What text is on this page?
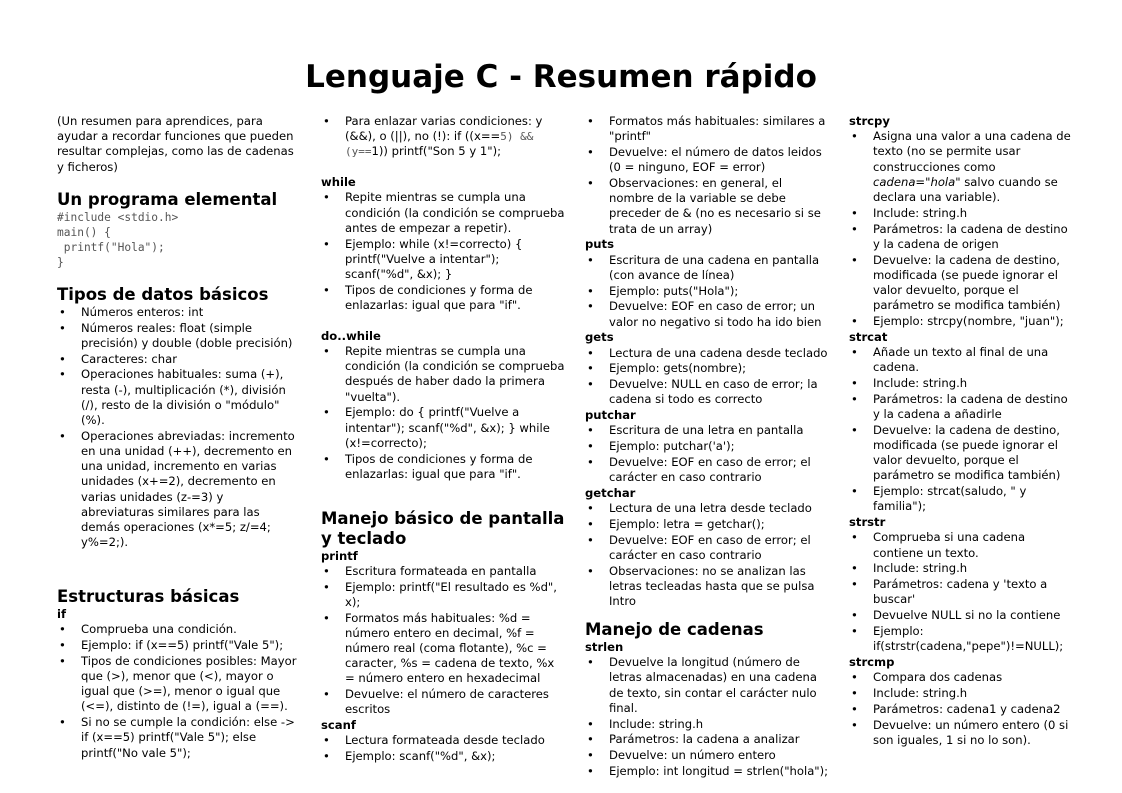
Lenguaje C - Resumen rápido

(Un resumen para aprendices, para ayudar a recordar funciones que pueden resultar complejas, como las de cadenas y ficheros)

Un programa elemental
#include <stdio.h>
main() {
printf("Hola");
}
Tipos de datos básicos
• Números enteros: int
• Números reales: float (simple precisión) y double (doble precisión)
• Caracteres: char
• Operaciones habituales: suma (+), resta (-), multiplicación (*), división (/), resto de la división o "módulo" (%).
• Operaciones abreviadas: incremento en una unidad (++), decremento en una unidad, incremento en varias unidades (x+=2), decremento en varias unidades (z-=3) y abreviaturas similares para las demás operaciones (x*=5; z/=4; y%=2;).
Estructuras básicas
if
• Comprueba una condición.
• Ejemplo: if (x==5) printf("Vale 5");
• Tipos de condiciones posibles: Mayor que (>), menor que (<), mayor o igual que (>=), menor o igual que (<=), distinto de (!=), igual a (==).
• Si no se cumple la condición: else -> if (x==5) printf("Vale 5"); else printf("No vale 5");
• Para enlazar varias condiciones: y (&&), o (||), no (!): if ((x==5) && (y==1)) printf("Son 5 y 1");
while
• Repite mientras se cumpla una condición (la condición se comprueba antes de empezar a repetir).
• Ejemplo: while (x!=correcto) { printf("Vuelve a intentar"); scanf("%d", &x); }
• Tipos de condiciones y forma de enlazarlas: igual que para "if".
do..while
• Repite mientras se cumpla una condición (la condición se comprueba después de haber dado la primera "vuelta").
• Ejemplo: do { printf("Vuelve a intentar"); scanf("%d", &x); } while (x!=correcto);
• Tipos de condiciones y forma de enlazarlas: igual que para "if".
Manejo básico de pantalla y teclado
printf
• Escritura formateada en pantalla
• Ejemplo: printf("El resultado es %d", x);
• Formatos más habituales: %d = número entero en decimal, %f = número real (coma flotante), %c = caracter, %s = cadena de texto, %x = número entero en hexadecimal
• Devuelve: el número de caracteres escritos
scanf
• Lectura formateada desde teclado
• Ejemplo: scanf("%d", &x);
• Formatos más habituales: similares a "printf"
• Devuelve: el número de datos leidos (0 = ninguno, EOF = error)
• Observaciones: en general, el nombre de la variable se debe preceder de & (no es necesario si se trata de un array)
puts
• Escritura de una cadena en pantalla (con avance de línea)
• Ejemplo: puts("Hola");
• Devuelve: EOF en caso de error; un valor no negativo si todo ha ido bien
gets
• Lectura de una cadena desde teclado
• Ejemplo: gets(nombre);
• Devuelve: NULL en caso de error; la cadena si todo es correcto
putchar
• Escritura de una letra en pantalla
• Ejemplo: putchar('a');
• Devuelve: EOF en caso de error; el carácter en caso contrario
getchar
• Lectura de una letra desde teclado
• Ejemplo: letra = getchar();
• Devuelve: EOF en caso de error; el carácter en caso contrario
• Observaciones: no se analizan las letras tecleadas hasta que se pulsa Intro
Manejo de cadenas
strlen
• Devuelve la longitud (número de letras almacenadas) en una cadena de texto, sin contar el carácter nulo final.
• Include: string.h
• Parámetros: la cadena a analizar
• Devuelve: un número entero
• Ejemplo: int longitud = strlen("hola");
strcpy
• Asigna una valor a una cadena de texto (no se permite usar construcciones como cadena="hola" salvo cuando se declara una variable).
• Include: string.h
• Parámetros: la cadena de destino y la cadena de origen
• Devuelve: la cadena de destino, modificada (se puede ignorar el valor devuelto, porque el parámetro se modifica también)
• Ejemplo: strcpy(nombre, "juan");
strcat
• Añade un texto al final de una cadena.
• Include: string.h
• Parámetros: la cadena de destino y la cadena a añadirle
• Devuelve: la cadena de destino, modificada (se puede ignorar el valor devuelto, porque el parámetro se modifica también)
• Ejemplo: strcat(saludo, " y familia");
strstr
• Comprueba si una cadena contiene un texto.
• Include: string.h
• Parámetros: cadena y 'texto a buscar'
• Devuelve NULL si no la contiene
• Ejemplo: if(strstr(cadena,"pepe")!=NULL);
strcmp
• Compara dos cadenas
• Include: string.h
• Parámetros: cadena1 y cadena2
• Devuelve: un número entero (0 si son iguales, 1 si no lo son).
